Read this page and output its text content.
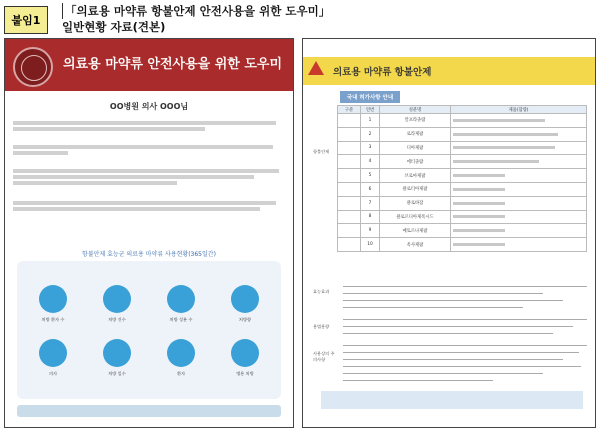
붙임1
「의료용 마약류 항불안제 안전사용을 위한 도우미」
일반현황 자료(견본)
의료용 마약류 안전사용을 위한 도우미
OO병원 의사 OOO님
항불안제 효능군 의료용 마약류 사용현황(365일간)
처방 환자 수	처방 건수	처방 성분 수	처방량
의사	처방 일수	환자	병용 처방
의료용 마약류 항불안제
국내 허가사항 안내
항불안제
구분	연번	성분명	제품(함량)
	1	알프라졸람	

	2	로라제팜	

	3	디아제팜	

	4	에티졸람	

	5	브로마제팜	

	6	클로티아제팜	

	7	클로바잠	

	8	클로르디아제폭시드	

	9	메토르나제팜	

	10	옥사제팜	
효능효과
용법용량
사용상의 주의사항
